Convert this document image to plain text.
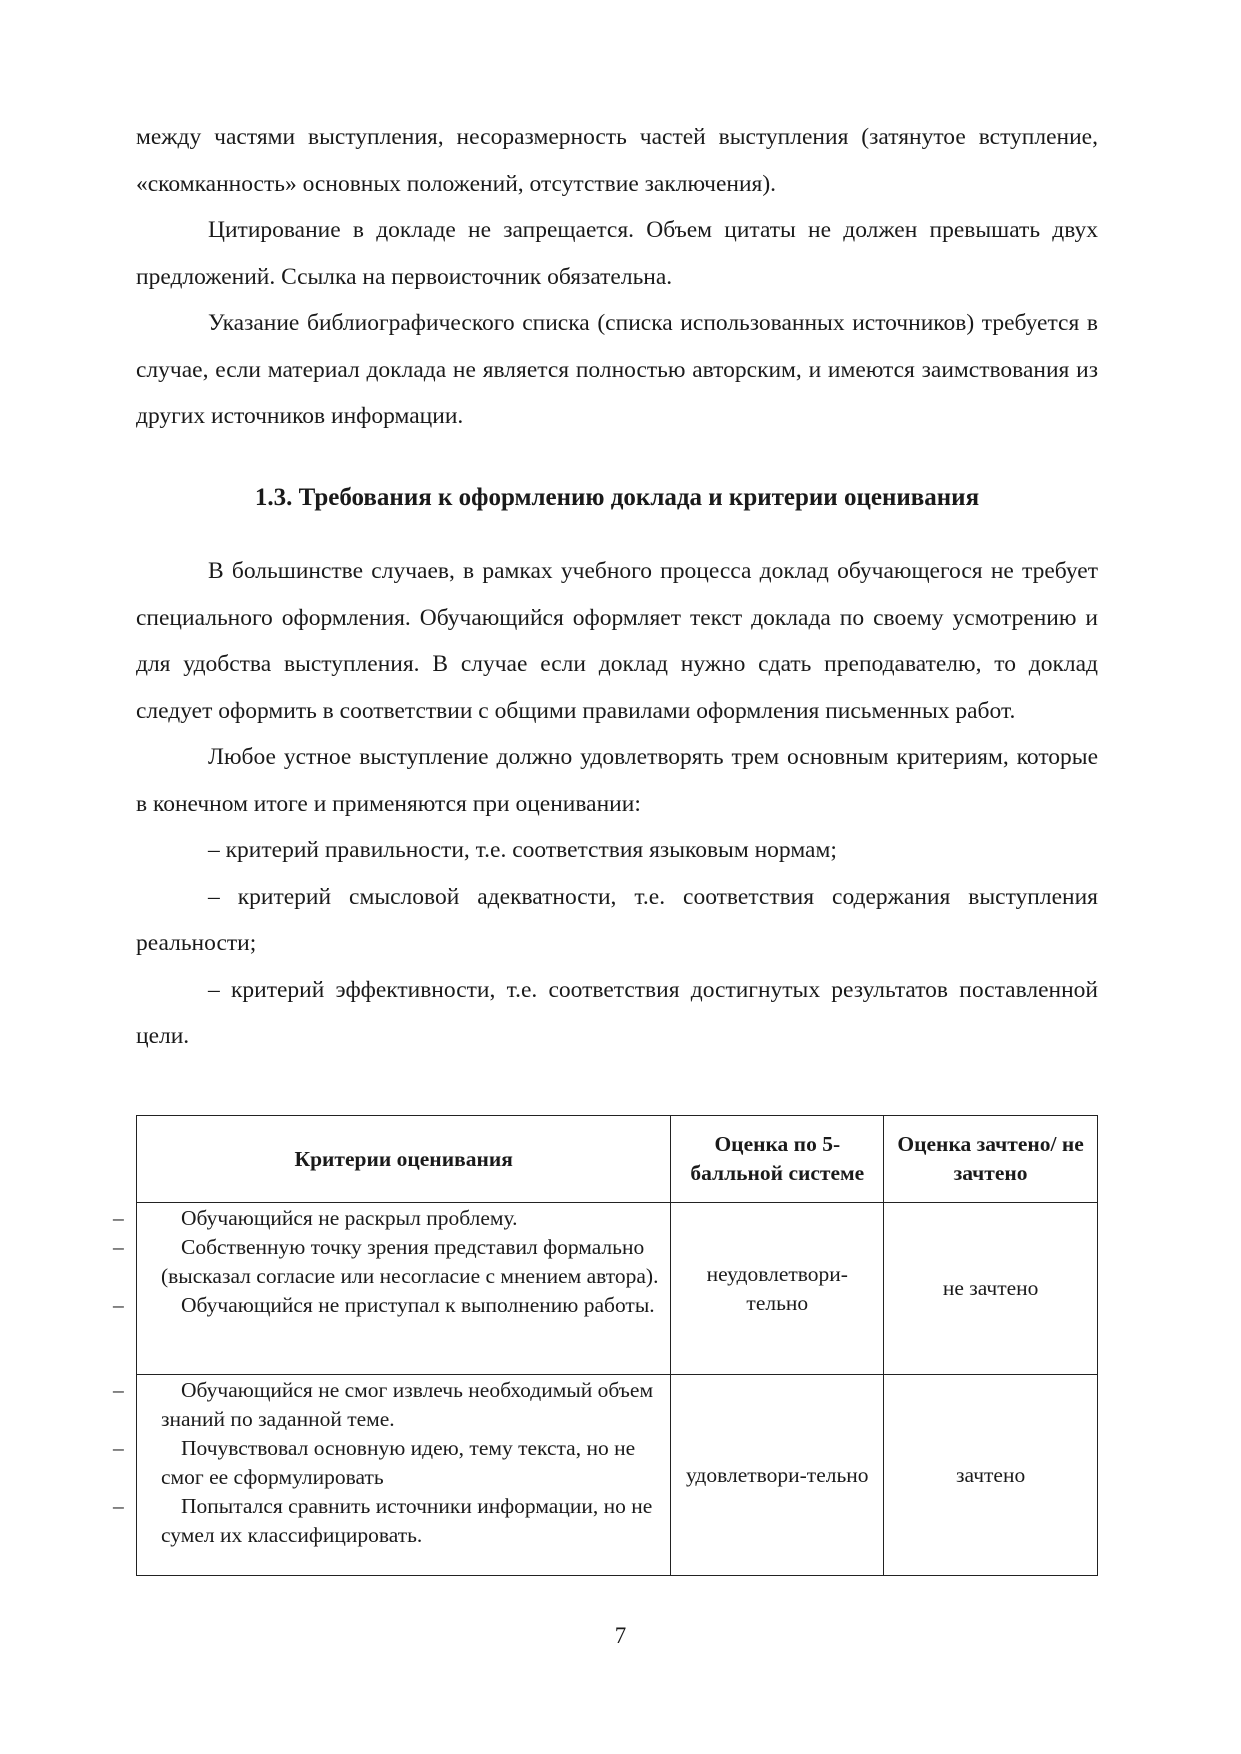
между частями выступления, несоразмерность частей выступления (затянутое вступление, «скомканность» основных положений, отсутствие заключения).

Цитирование в докладе не запрещается. Объем цитаты не должен превышать двух предложений. Ссылка на первоисточник обязательна.

Указание библиографического списка (списка использованных источников) требуется в случае, если материал доклада не является полностью авторским, и имеются заимствования из других источников информации.

1.3. Требования к оформлению доклада и критерии оценивания

В большинстве случаев, в рамках учебного процесса доклад обучающегося не требует специального оформления. Обучающийся оформляет текст доклада по своему усмотрению и для удобства выступления. В случае если доклад нужно сдать преподавателю, то доклад следует оформить в соответствии с общими правилами оформления письменных работ.

Любое устное выступление должно удовлетворять трем основным критериям, которые в конечном итоге и применяются при оценивании:

– критерий правильности, т.е. соответствия языковым нормам;

– критерий смысловой адекватности, т.е. соответствия содержания выступления реальности;

– критерий эффективности, т.е. соответствия достигнутых результатов поставленной цели.

Критерии оценивания	Оценка по 5-балльной системе	Оценка зачтено/ не зачтено

– Обучающийся не раскрыл проблему.
– Собственную точку зрения представил формально (высказал согласие или несогласие с мнением автора).
– Обучающийся не приступал к выполнению работы.	неудовлетвори-тельно	не зачтено

– Обучающийся не смог извлечь необходимый объем знаний по заданной теме.
– Почувствовал основную идею, тему текста, но не смог ее сформулировать
– Попытался сравнить источники информации, но не сумел их классифицировать.	удовлетвори-тельно	зачтено
7
